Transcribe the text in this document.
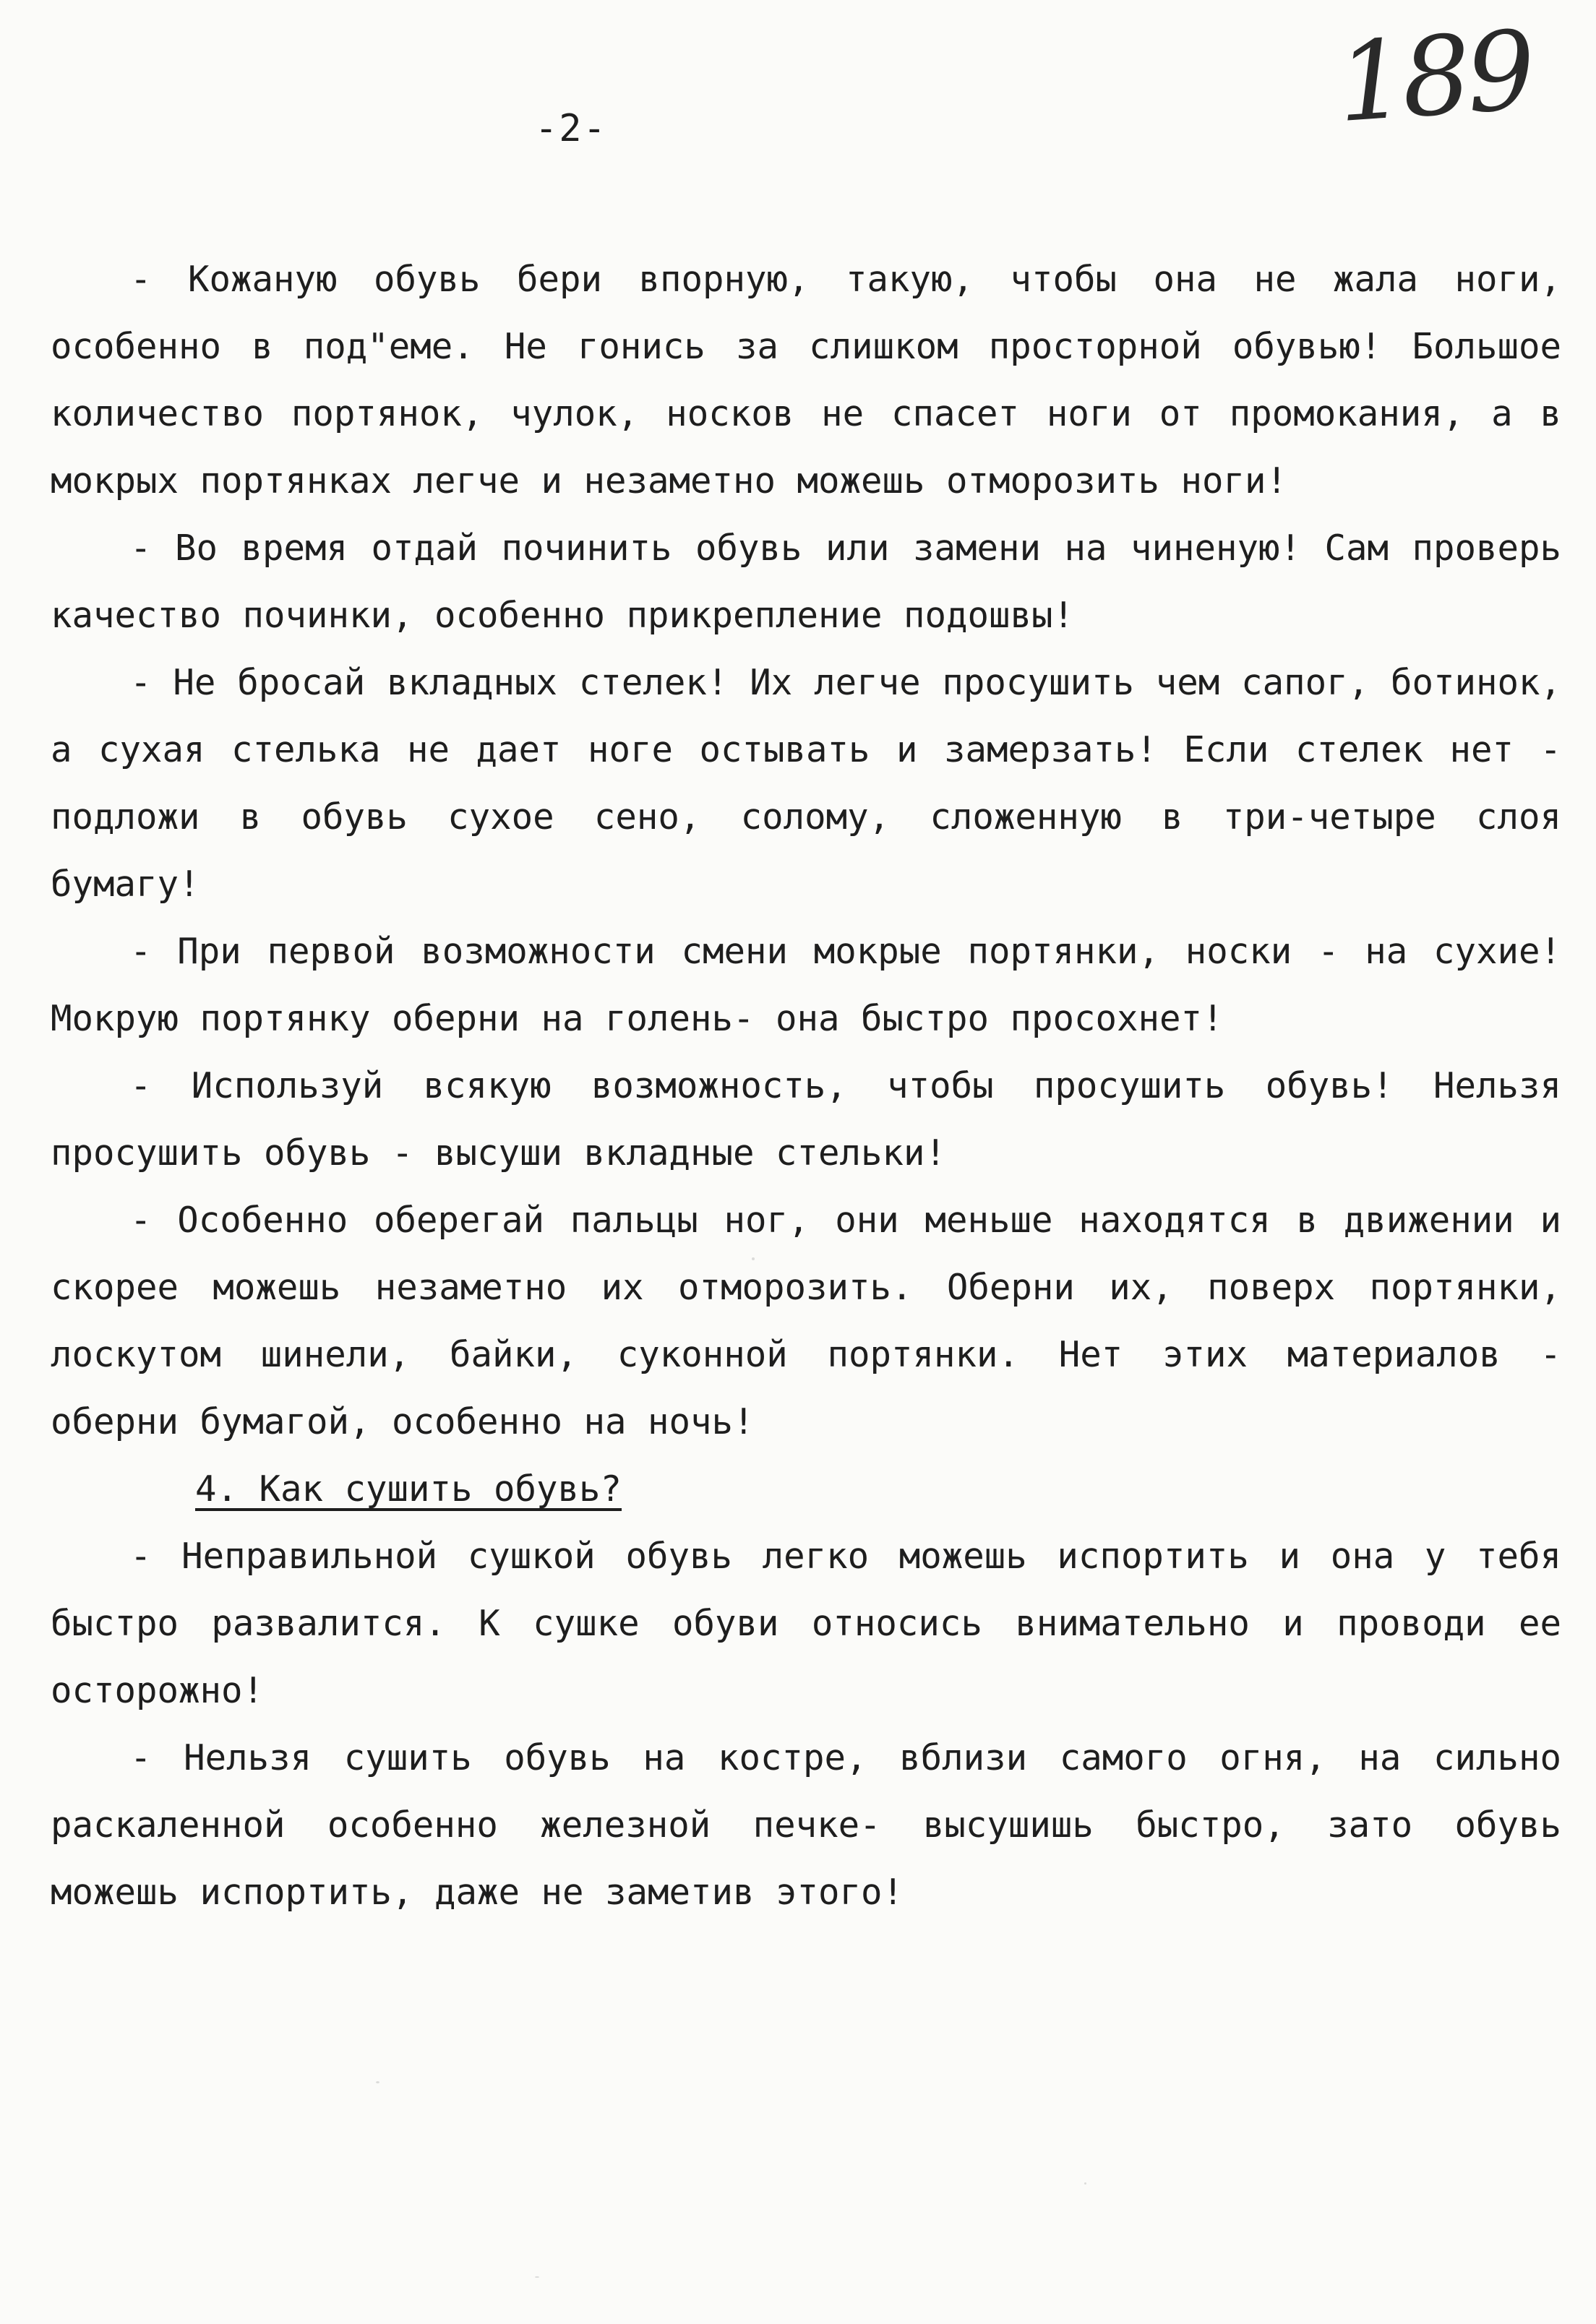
189
-2-

- Кожаную обувь бери впорную, такую, чтобы она не жала ноги, особенно в под"еме. Не гонись за слишком просторной обувью! Большое количество портянок, чулок, носков не спасет ноги от промокания, а в мокрых портянках легче и незаметно можешь отморозить ноги!

- Во время отдай починить обувь или замени на чиненую! Сам проверь качество починки, особенно прикрепление подошвы!

- Не бросай вкладных стелек! Их легче просушить чем сапог, ботинок, а сухая стелька не дает ноге остывать и замерзать! Если стелек нет - подложи в обувь сухое сено, солому, сложенную в три-четыре слоя бумагу!

- При первой возможности смени мокрые портянки, носки - на сухие! Мокрую портянку оберни на голень- она быстро просохнет!

- Используй всякую возможность, чтобы просушить обувь! Нельзя просушить обувь - высуши вкладные стельки!

- Особенно оберегай пальцы ног, они меньше находятся в движении и скорее можешь незаметно их отморозить. Оберни их, поверх портянки, лоскутом шинели, байки, суконной портянки. Нет этих материалов - оберни бумагой, особенно на ночь!

4. Как сушить обувь?

- Неправильной сушкой обувь легко можешь испортить и она у тебя быстро развалится. К сушке обуви относись внимательно и проводи ее осторожно!

- Нельзя сушить обувь на костре, вблизи самого огня, на сильно раскаленной особенно железной печке- высушишь быстро, зато обувь можешь испортить, даже не заметив этого!
